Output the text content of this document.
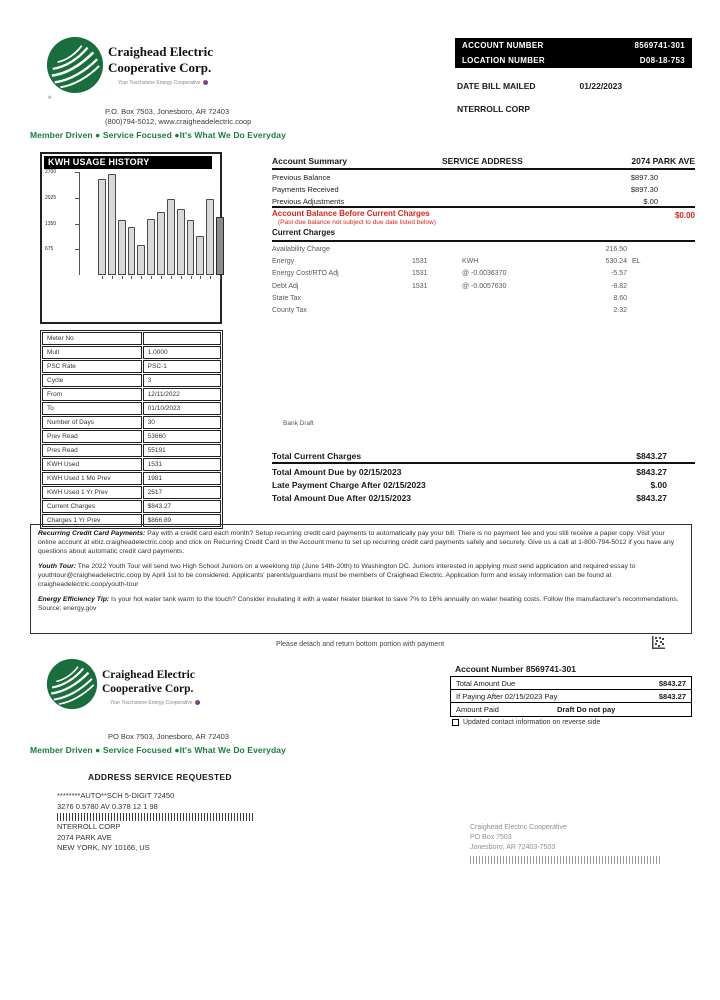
®
Craighead Electric
Cooperative Corp.
Your Touchstone Energy Cooperative
ACCOUNT NUMBER	8569741-301
LOCATION NUMBER	D08-18-753
DATE BILL MAILED	01/22/2023
NTERROLL CORP
P.O. Box 7503, Jonesboro, AR 72403
(800)794-5012, www.craigheadelectric.coop
Member Driven ● Service Focused ●It's What We Do Everyday
KWH USAGE HISTORY
2700
2025
1350
675
Meter No	
Mult	1.0000
PSC Rate	PSC-1
Cycle	3
From	12/11/2022
To	01/10/2023
Number of Days	30
Prev Read	53660
Pres Read	55191
KWH Used	1531
KWH Used 1 Mo Prev	1981
KWH Used 1 Yr Prev	2517
Current Charges	$843.27
Charges 1 Yr Prev	$866.89
Account Summary	SERVICE ADDRESS	2074 PARK AVE
Previous Balance	$897.30
Payments Received	$897.30
Previous Adjustments	$.00
Account Balance Before Current Charges
(Past due balance not subject to due date listed below)
$0.00
Current Charges
Availability Charge	216.50
Energy	1531	KWH	530.24 EL
Energy Cost/RTO Adj	1531	@ -0.0036370	-5.57
Debt Adj	1531	@ -0.0057630	-8.82
State Tax	8.60
County Tax	2.32
Bank Draft
Total Current Charges	$843.27
Total Amount Due by 02/15/2023	$843.27
Late Payment Charge After 02/15/2023	$.00
Total Amount Due After 02/15/2023	$843.27

Recurring Credit Card Payments: Pay with a credit card each month? Setup recurring credit card payments to automatically pay your bill. There is no payment fee and you still receive a paper copy. Visit your online account at ebiz.craigheadelectric.coop and click on Recurring Credit Card in the Account menu to set up recurring credit card payments safely and securely. Give us a call at 1-800-794-5012 if you have any questions about automatic credit card payments.

Youth Tour: The 2022 Youth Tour will send two High School Juniors on a weeklong trip (June 14th-20th) to Washington DC. Juniors interested in applying must send application and required essay to youthtour@craigheadelectric.coop by April 1st to be considered. Applicants' parents/guardians must be members of Craighead Electric. Application form and essay information can be found at craigheadelectric.coop/youth-tour

Energy Efficiency Tip: Is your hot water tank warm to the touch? Consider insulating it with a water heater blanket to save 7% to 16% annually on water heating costs. Follow the manufacturer's recommendations. Source: energy.gov

Please detach and return bottom portion with payment
Craighead Electric
Cooperative Corp.
Your Touchstone Energy Cooperative
Account Number 8569741-301
Total Amount Due	$843.27
If Paying After 02/15/2023 Pay	$843.27
Amount Paid	Draft Do not pay
Updated contact information on reverse side
PO Box 7503, Jonesboro, AR 72403
Member Driven ● Service Focused ●It's What We Do Everyday
ADDRESS SERVICE REQUESTED
********AUTO**SCH 5-DIGIT 72450
3276 0.5780 AV 0.378 12 1 98
NTERROLL CORP
2074 PARK AVE
NEW YORK, NY 10166, US
Craighead Electric Cooperative
PO Box 7503
Jonesboro, AR 72403-7503
